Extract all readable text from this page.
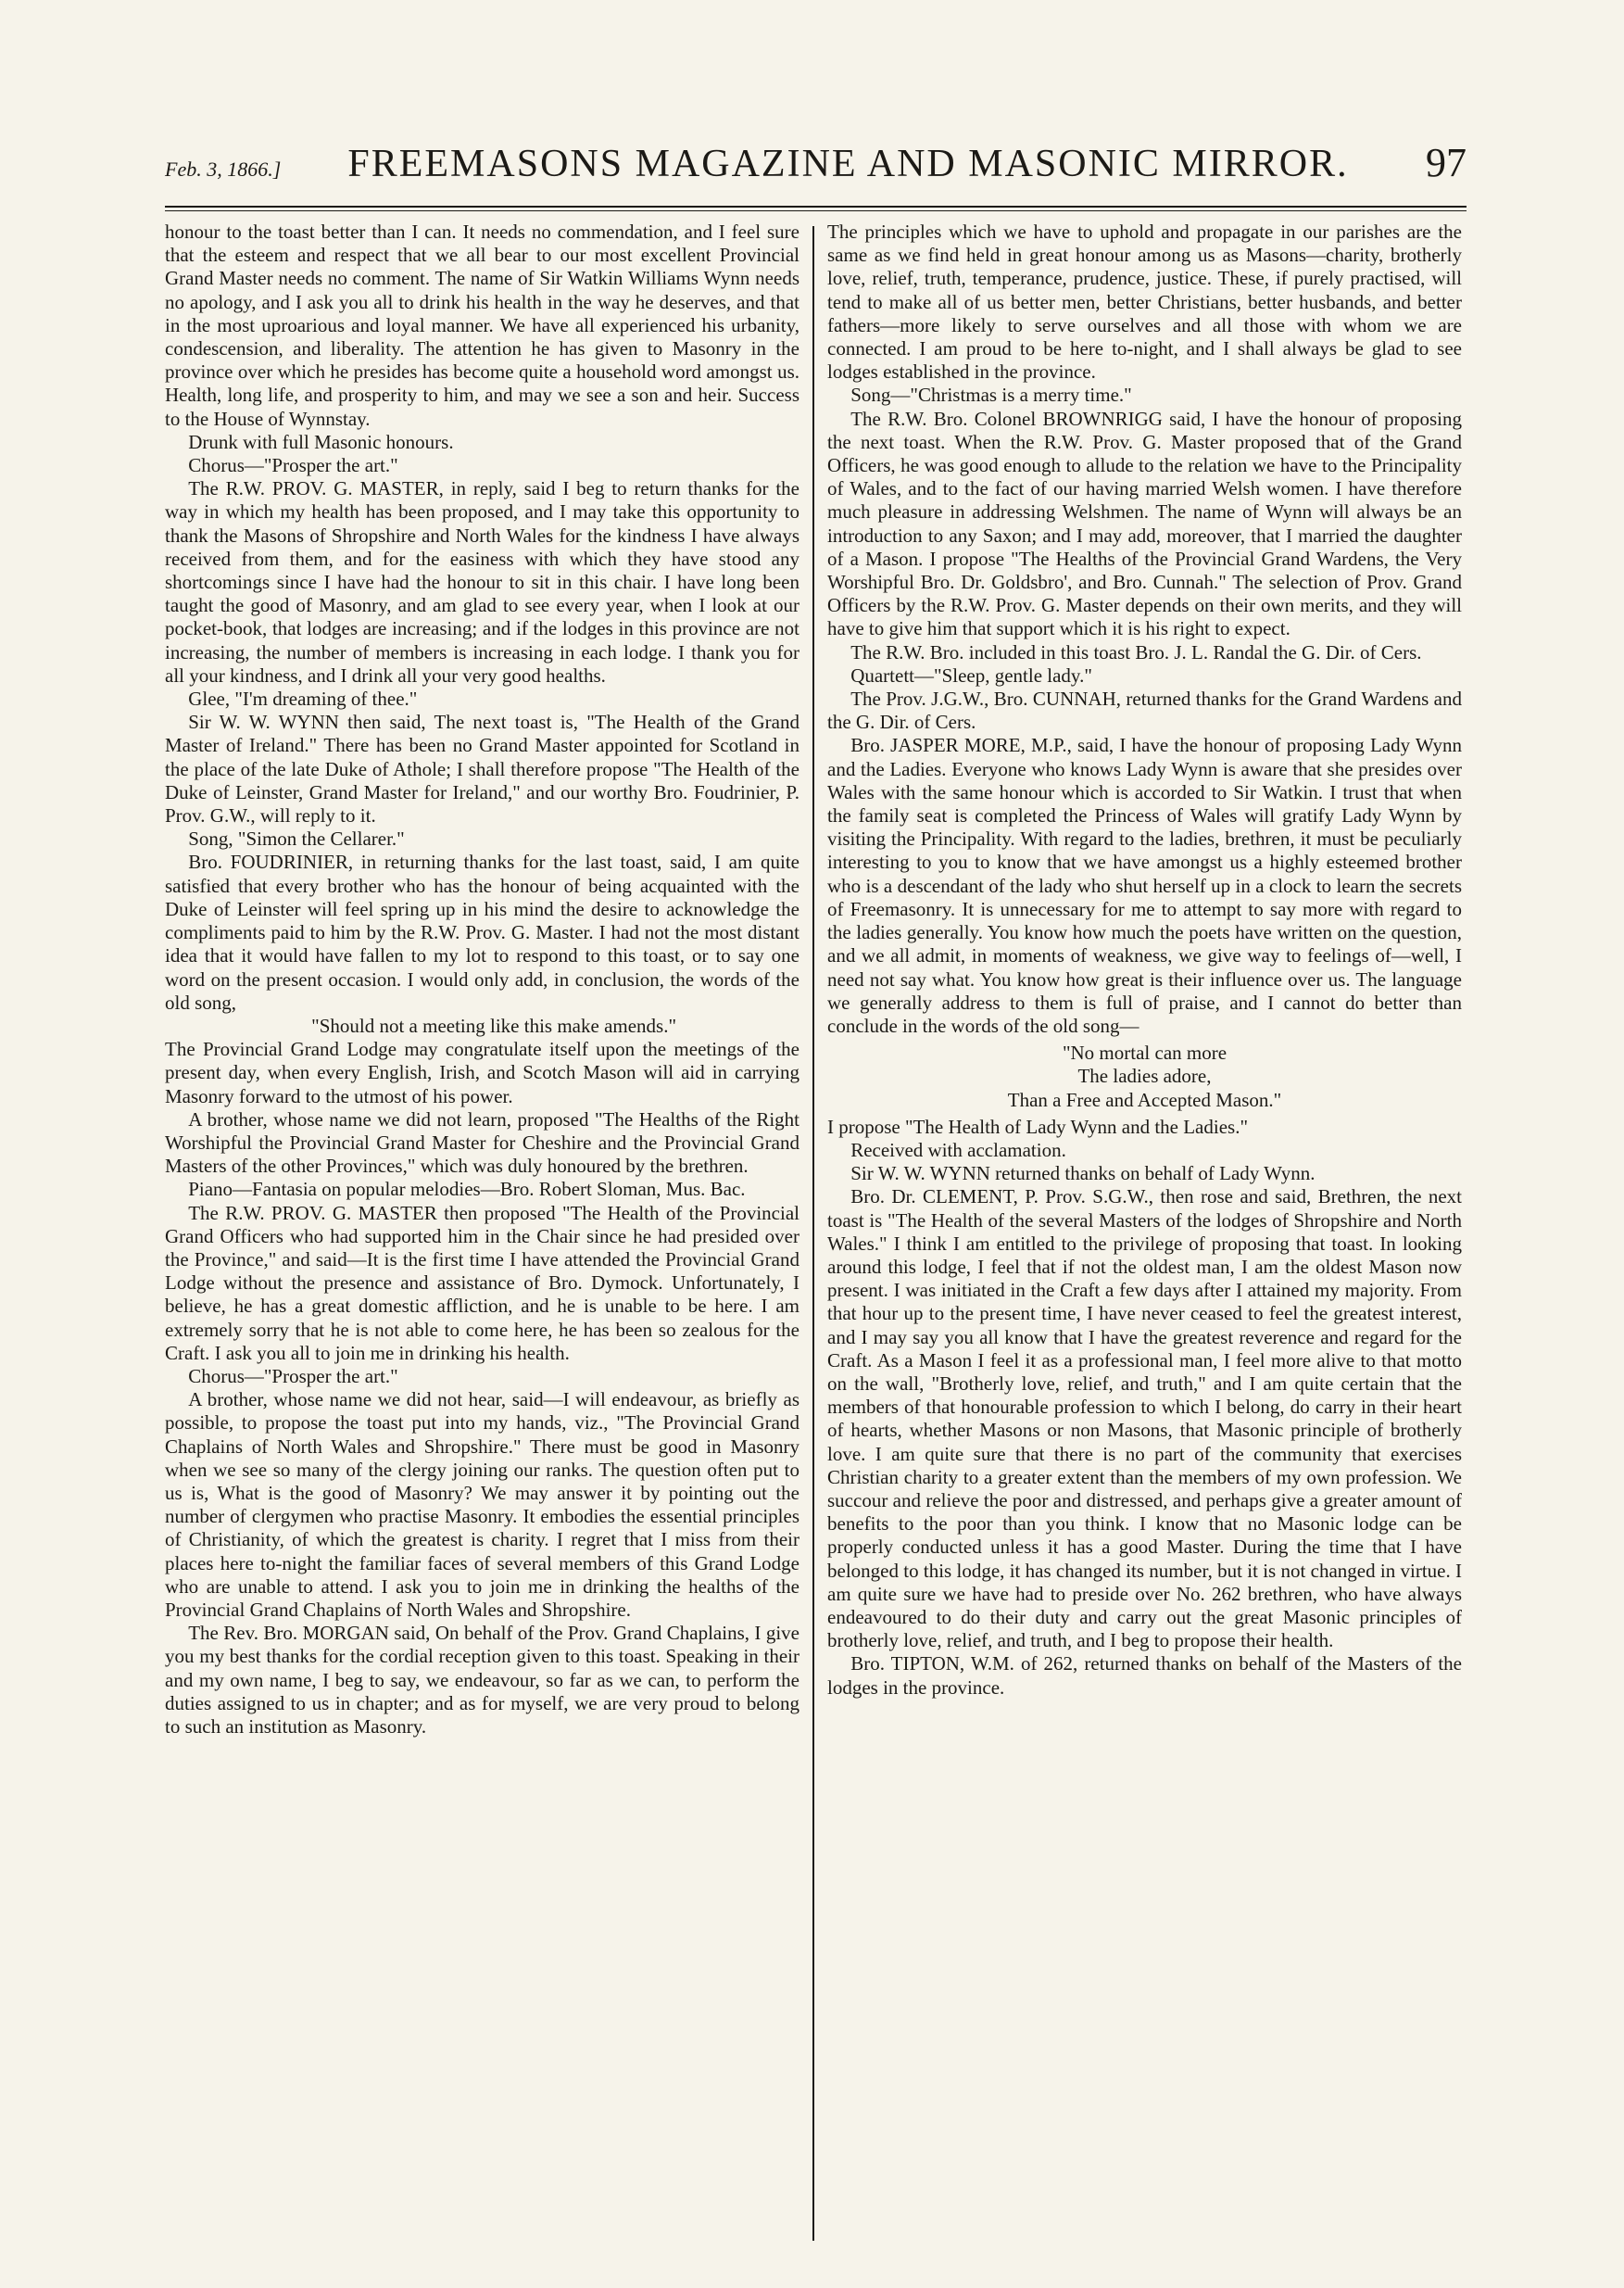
Feb. 3, 1866.]	FREEMASONS MAGAZINE AND MASONIC MIRROR.	97

honour to the toast better than I can. It needs no commendation, and I feel sure that the esteem and respect that we all bear to our most excellent Provincial Grand Master needs no comment. The name of Sir Watkin Williams Wynn needs no apology, and I ask you all to drink his health in the way he deserves, and that in the most uproarious and loyal manner. We have all experienced his urbanity, condescension, and liberality. The attention he has given to Masonry in the province over which he presides has become quite a household word amongst us. Health, long life, and prosperity to him, and may we see a son and heir. Success to the House of Wynnstay.

Drunk with full Masonic honours.

Chorus—"Prosper the art."

The R.W. PROV. G. MASTER, in reply, said I beg to return thanks for the way in which my health has been proposed, and I may take this opportunity to thank the Masons of Shropshire and North Wales for the kindness I have always received from them, and for the easiness with which they have stood any shortcomings since I have had the honour to sit in this chair. I have long been taught the good of Masonry, and am glad to see every year, when I look at our pocket-book, that lodges are increasing; and if the lodges in this province are not increasing, the number of members is increasing in each lodge. I thank you for all your kindness, and I drink all your very good healths.

Glee, "I'm dreaming of thee."

Sir W. W. WYNN then said, The next toast is, "The Health of the Grand Master of Ireland." There has been no Grand Master appointed for Scotland in the place of the late Duke of Athole; I shall therefore propose "The Health of the Duke of Leinster, Grand Master for Ireland," and our worthy Bro. Foudrinier, P. Prov. G.W., will reply to it.

Song, "Simon the Cellarer."

Bro. FOUDRINIER, in returning thanks for the last toast, said, I am quite satisfied that every brother who has the honour of being acquainted with the Duke of Leinster will feel spring up in his mind the desire to acknowledge the compliments paid to him by the R.W. Prov. G. Master. I had not the most distant idea that it would have fallen to my lot to respond to this toast, or to say one word on the present occasion. I would only add, in conclusion, the words of the old song,

"Should not a meeting like this make amends."

The Provincial Grand Lodge may congratulate itself upon the meetings of the present day, when every English, Irish, and Scotch Mason will aid in carrying Masonry forward to the utmost of his power.

A brother, whose name we did not learn, proposed "The Healths of the Right Worshipful the Provincial Grand Master for Cheshire and the Provincial Grand Masters of the other Provinces," which was duly honoured by the brethren.

Piano—Fantasia on popular melodies—Bro. Robert Sloman, Mus. Bac.

The R.W. PROV. G. MASTER then proposed "The Health of the Provincial Grand Officers who had supported him in the Chair since he had presided over the Province," and said—It is the first time I have attended the Provincial Grand Lodge without the presence and assistance of Bro. Dymock. Unfortunately, I believe, he has a great domestic affliction, and he is unable to be here. I am extremely sorry that he is not able to come here, he has been so zealous for the Craft. I ask you all to join me in drinking his health.

Chorus—"Prosper the art."

A brother, whose name we did not hear, said—I will endeavour, as briefly as possible, to propose the toast put into my hands, viz., "The Provincial Grand Chaplains of North Wales and Shropshire." There must be good in Masonry when we see so many of the clergy joining our ranks. The question often put to us is, What is the good of Masonry? We may answer it by pointing out the number of clergymen who practise Masonry. It embodies the essential principles of Christianity, of which the greatest is charity. I regret that I miss from their places here to-night the familiar faces of several members of this Grand Lodge who are unable to attend. I ask you to join me in drinking the healths of the Provincial Grand Chaplains of North Wales and Shropshire.

The Rev. Bro. MORGAN said, On behalf of the Prov. Grand Chaplains, I give you my best thanks for the cordial reception given to this toast. Speaking in their and my own name, I beg to say, we endeavour, so far as we can, to perform the duties assigned to us in chapter; and as for myself, we are very proud to belong to such an institution as Masonry.

The principles which we have to uphold and propagate in our parishes are the same as we find held in great honour among us as Masons—charity, brotherly love, relief, truth, temperance, prudence, justice. These, if purely practised, will tend to make all of us better men, better Christians, better husbands, and better fathers—more likely to serve ourselves and all those with whom we are connected. I am proud to be here to-night, and I shall always be glad to see lodges established in the province.

Song—"Christmas is a merry time."

The R.W. Bro. Colonel BROWNRIGG said, I have the honour of proposing the next toast. When the R.W. Prov. G. Master proposed that of the Grand Officers, he was good enough to allude to the relation we have to the Principality of Wales, and to the fact of our having married Welsh women. I have therefore much pleasure in addressing Welshmen. The name of Wynn will always be an introduction to any Saxon; and I may add, moreover, that I married the daughter of a Mason. I propose "The Healths of the Provincial Grand Wardens, the Very Worshipful Bro. Dr. Goldsbro', and Bro. Cunnah." The selection of Prov. Grand Officers by the R.W. Prov. G. Master depends on their own merits, and they will have to give him that support which it is his right to expect.

The R.W. Bro. included in this toast Bro. J. L. Randal the G. Dir. of Cers.

Quartett—"Sleep, gentle lady."

The Prov. J.G.W., Bro. CUNNAH, returned thanks for the Grand Wardens and the G. Dir. of Cers.

Bro. JASPER MORE, M.P., said, I have the honour of proposing Lady Wynn and the Ladies. Everyone who knows Lady Wynn is aware that she presides over Wales with the same honour which is accorded to Sir Watkin. I trust that when the family seat is completed the Princess of Wales will gratify Lady Wynn by visiting the Principality. With regard to the ladies, brethren, it must be peculiarly interesting to you to know that we have amongst us a highly esteemed brother who is a descendant of the lady who shut herself up in a clock to learn the secrets of Freemasonry. It is unnecessary for me to attempt to say more with regard to the ladies generally. You know how much the poets have written on the question, and we all admit, in moments of weakness, we give way to feelings of—well, I need not say what. You know how great is their influence over us. The language we generally address to them is full of praise, and I cannot do better than conclude in the words of the old song—

"No mortal can more
The ladies adore,
Than a Free and Accepted Mason."

I propose "The Health of Lady Wynn and the Ladies."

Received with acclamation.

Sir W. W. WYNN returned thanks on behalf of Lady Wynn.

Bro. Dr. CLEMENT, P. Prov. S.G.W., then rose and said, Brethren, the next toast is "The Health of the several Masters of the lodges of Shropshire and North Wales." I think I am entitled to the privilege of proposing that toast. In looking around this lodge, I feel that if not the oldest man, I am the oldest Mason now present. I was initiated in the Craft a few days after I attained my majority. From that hour up to the present time, I have never ceased to feel the greatest interest, and I may say you all know that I have the greatest reverence and regard for the Craft. As a Mason I feel it as a professional man, I feel more alive to that motto on the wall, "Brotherly love, relief, and truth," and I am quite certain that the members of that honourable profession to which I belong, do carry in their heart of hearts, whether Masons or non Masons, that Masonic principle of brotherly love. I am quite sure that there is no part of the community that exercises Christian charity to a greater extent than the members of my own profession. We succour and relieve the poor and distressed, and perhaps give a greater amount of benefits to the poor than you think. I know that no Masonic lodge can be properly conducted unless it has a good Master. During the time that I have belonged to this lodge, it has changed its number, but it is not changed in virtue. I am quite sure we have had to preside over No. 262 brethren, who have always endeavoured to do their duty and carry out the great Masonic principles of brotherly love, relief, and truth, and I beg to propose their health.

Bro. TIPTON, W.M. of 262, returned thanks on behalf of the Masters of the lodges in the province.
